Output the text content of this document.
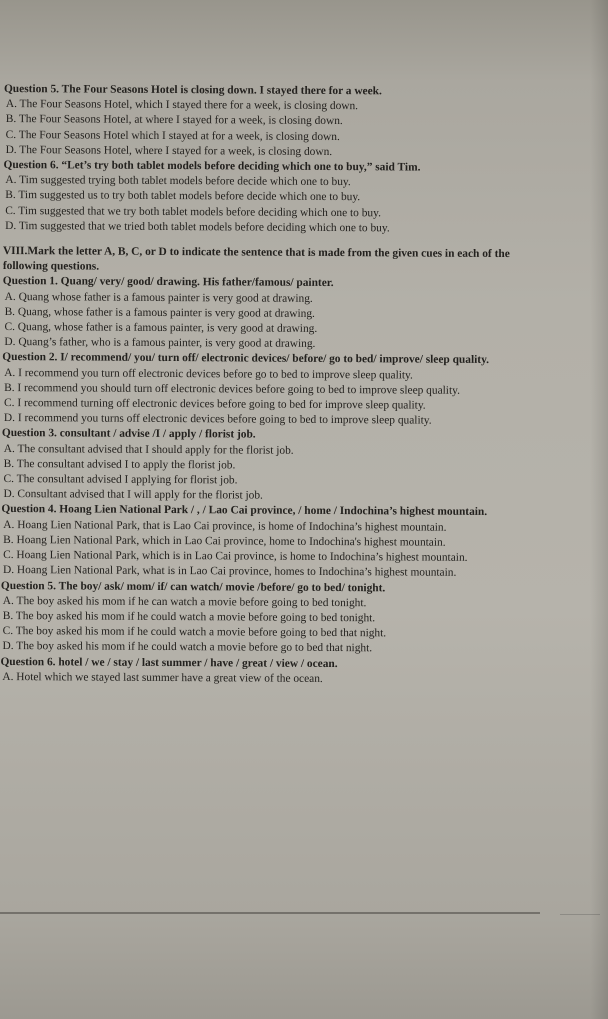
Question 5. The Four Seasons Hotel is closing down. I stayed there for a week.
A. The Four Seasons Hotel, which I stayed there for a week, is closing down.
B. The Four Seasons Hotel, at where I stayed for a week, is closing down.
C. The Four Seasons Hotel which I stayed at for a week, is closing down.
D. The Four Seasons Hotel, where I stayed for a week, is closing down.
Question 6. “Let’s try both tablet models before deciding which one to buy,” said Tim.
A. Tim suggested trying both tablet models before decide which one to buy.
B. Tim suggested us to try both tablet models before decide which one to buy.
C. Tim suggested that we try both tablet models before deciding which one to buy.
D. Tim suggested that we tried both tablet models before deciding which one to buy.
VIII.Mark the letter A, B, C, or D to indicate the sentence that is made from the given cues in each of the following questions.
Question 1. Quang/ very/ good/ drawing. His father/famous/ painter.
A. Quang whose father is a famous painter is very good at drawing.
B. Quang, whose father is a famous painter is very good at drawing.
C. Quang, whose father is a famous painter, is very good at drawing.
D. Quang’s father, who is a famous painter, is very good at drawing.
Question 2. I/ recommend/ you/ turn off/ electronic devices/ before/ go to bed/ improve/ sleep quality.
A. I recommend you turn off electronic devices before go to bed to improve sleep quality.
B. I recommend you should turn off electronic devices before going to bed to improve sleep quality.
C. I recommend turning off electronic devices before going to bed for improve sleep quality.
D. I recommend you turns off electronic devices before going to bed to improve sleep quality.
Question 3. consultant / advise /I / apply / florist job.
A. The consultant advised that I should apply for the florist job.
B. The consultant advised I to apply the florist job.
C. The consultant advised I applying for florist job.
D. Consultant advised that I will apply for the florist job.
Question 4. Hoang Lien National Park / , / Lao Cai province, / home / Indochina’s highest mountain.
A. Hoang Lien National Park, that is Lao Cai province, is home of Indochina’s highest mountain.
B. Hoang Lien National Park, which in Lao Cai province, home to Indochina's highest mountain.
C. Hoang Lien National Park, which is in Lao Cai province, is home to Indochina’s highest mountain.
D. Hoang Lien National Park, what is in Lao Cai province, homes to Indochina’s highest mountain.
Question 5. The boy/ ask/ mom/ if/ can watch/ movie /before/ go to bed/ tonight.
A. The boy asked his mom if he can watch a movie before going to bed tonight.
B. The boy asked his mom if he could watch a movie before going to bed tonight.
C. The boy asked his mom if he could watch a movie before going to bed that night.
D. The boy asked his mom if he could watch a movie before go to bed that night.
Question 6. hotel / we / stay / last summer / have / great / view / ocean.
A. Hotel which we stayed last summer have a great view of the ocean.
